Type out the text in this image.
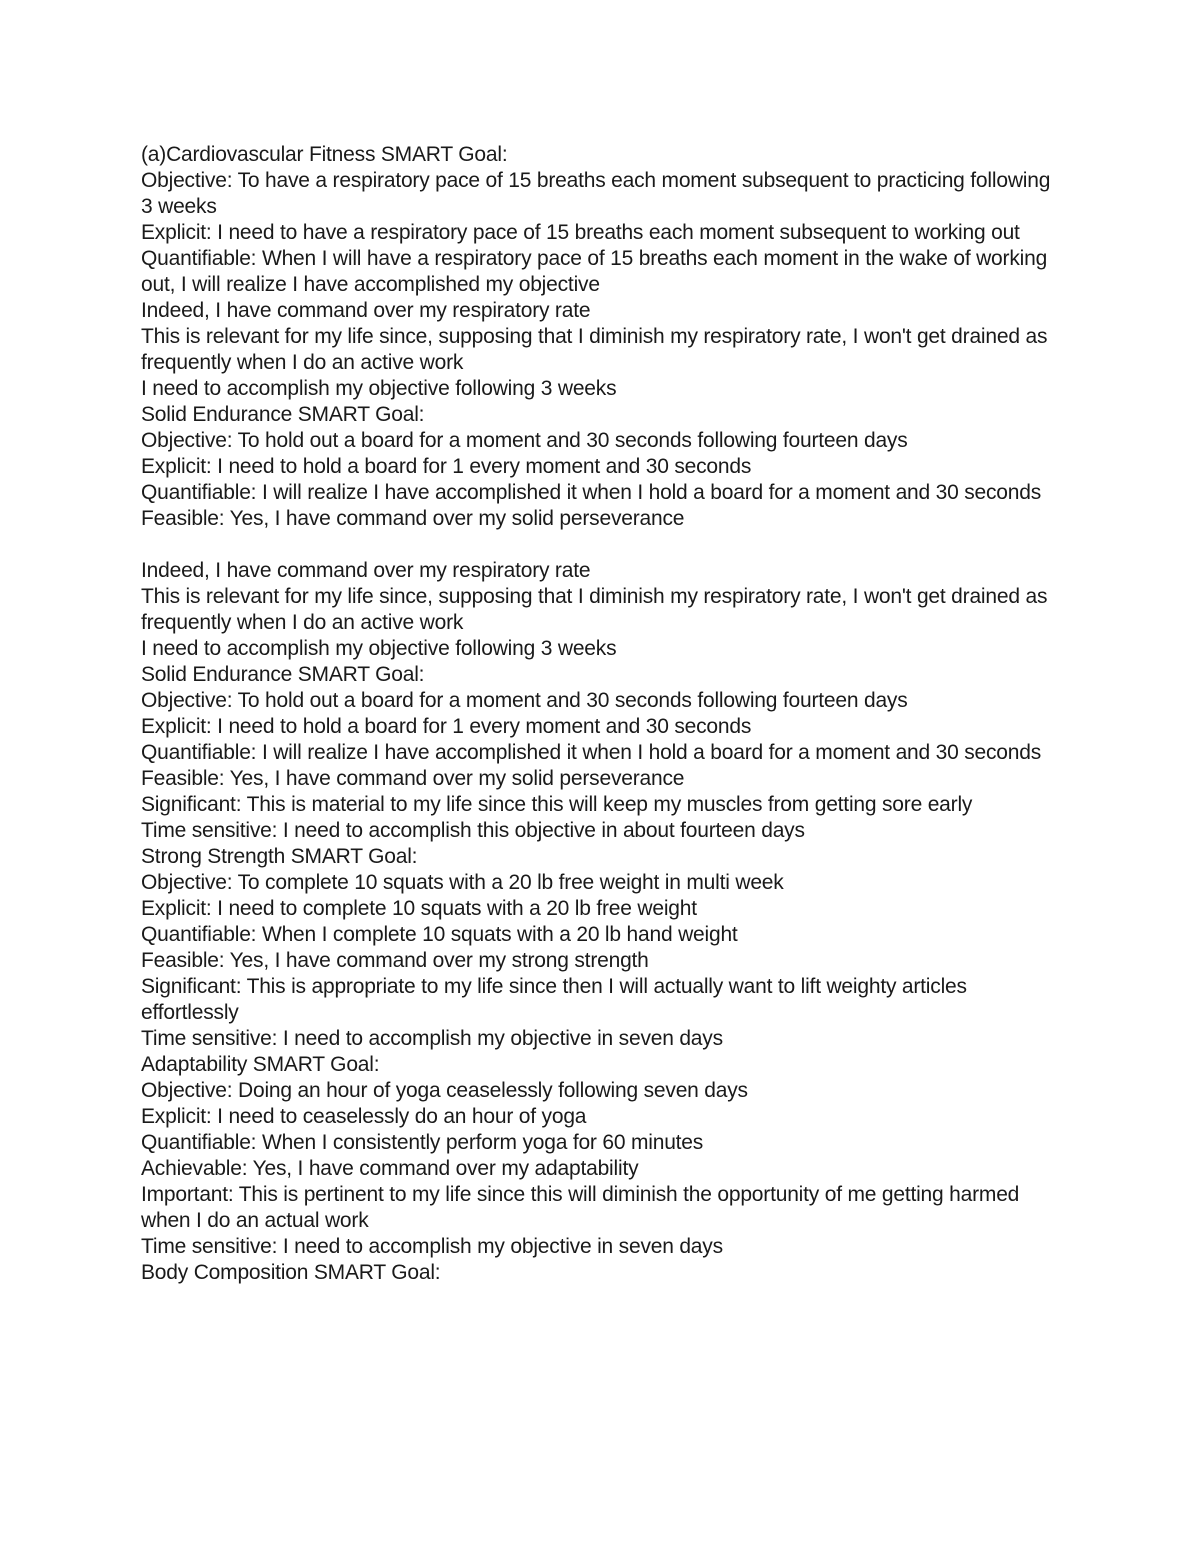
(a)Cardiovascular Fitness SMART Goal:
Objective: To have a respiratory pace of 15 breaths each moment subsequent to practicing following 3 weeks
Explicit: I need to have a respiratory pace of 15 breaths each moment subsequent to working out
Quantifiable: When I will have a respiratory pace of 15 breaths each moment in the wake of working out, I will realize I have accomplished my objective
Indeed, I have command over my respiratory rate
This is relevant for my life since, supposing that I diminish my respiratory rate, I won't get drained as frequently when I do an active work
I need to accomplish my objective following 3 weeks
Solid Endurance SMART Goal:
Objective: To hold out a board for a moment and 30 seconds following fourteen days
Explicit: I need to hold a board for 1 every moment and 30 seconds
Quantifiable: I will realize I have accomplished it when I hold a board for a moment and 30 seconds
Feasible: Yes, I have command over my solid perseverance
Indeed, I have command over my respiratory rate
This is relevant for my life since, supposing that I diminish my respiratory rate, I won't get drained as frequently when I do an active work
I need to accomplish my objective following 3 weeks
Solid Endurance SMART Goal:
Objective: To hold out a board for a moment and 30 seconds following fourteen days
Explicit: I need to hold a board for 1 every moment and 30 seconds
Quantifiable: I will realize I have accomplished it when I hold a board for a moment and 30 seconds
Feasible: Yes, I have command over my solid perseverance
Significant: This is material to my life since this will keep my muscles from getting sore early
Time sensitive: I need to accomplish this objective in about fourteen days
Strong Strength SMART Goal:
Objective: To complete 10 squats with a 20 lb free weight in multi week
Explicit: I need to complete 10 squats with a 20 lb free weight
Quantifiable: When I complete 10 squats with a 20 lb hand weight
Feasible: Yes, I have command over my strong strength
Significant: This is appropriate to my life since then I will actually want to lift weighty articles effortlessly
Time sensitive: I need to accomplish my objective in seven days
Adaptability SMART Goal:
Objective: Doing an hour of yoga ceaselessly following seven days
Explicit: I need to ceaselessly do an hour of yoga
Quantifiable: When I consistently perform yoga for 60 minutes
Achievable: Yes, I have command over my adaptability
Important: This is pertinent to my life since this will diminish the opportunity of me getting harmed when I do an actual work
Time sensitive: I need to accomplish my objective in seven days
Body Composition SMART Goal:
